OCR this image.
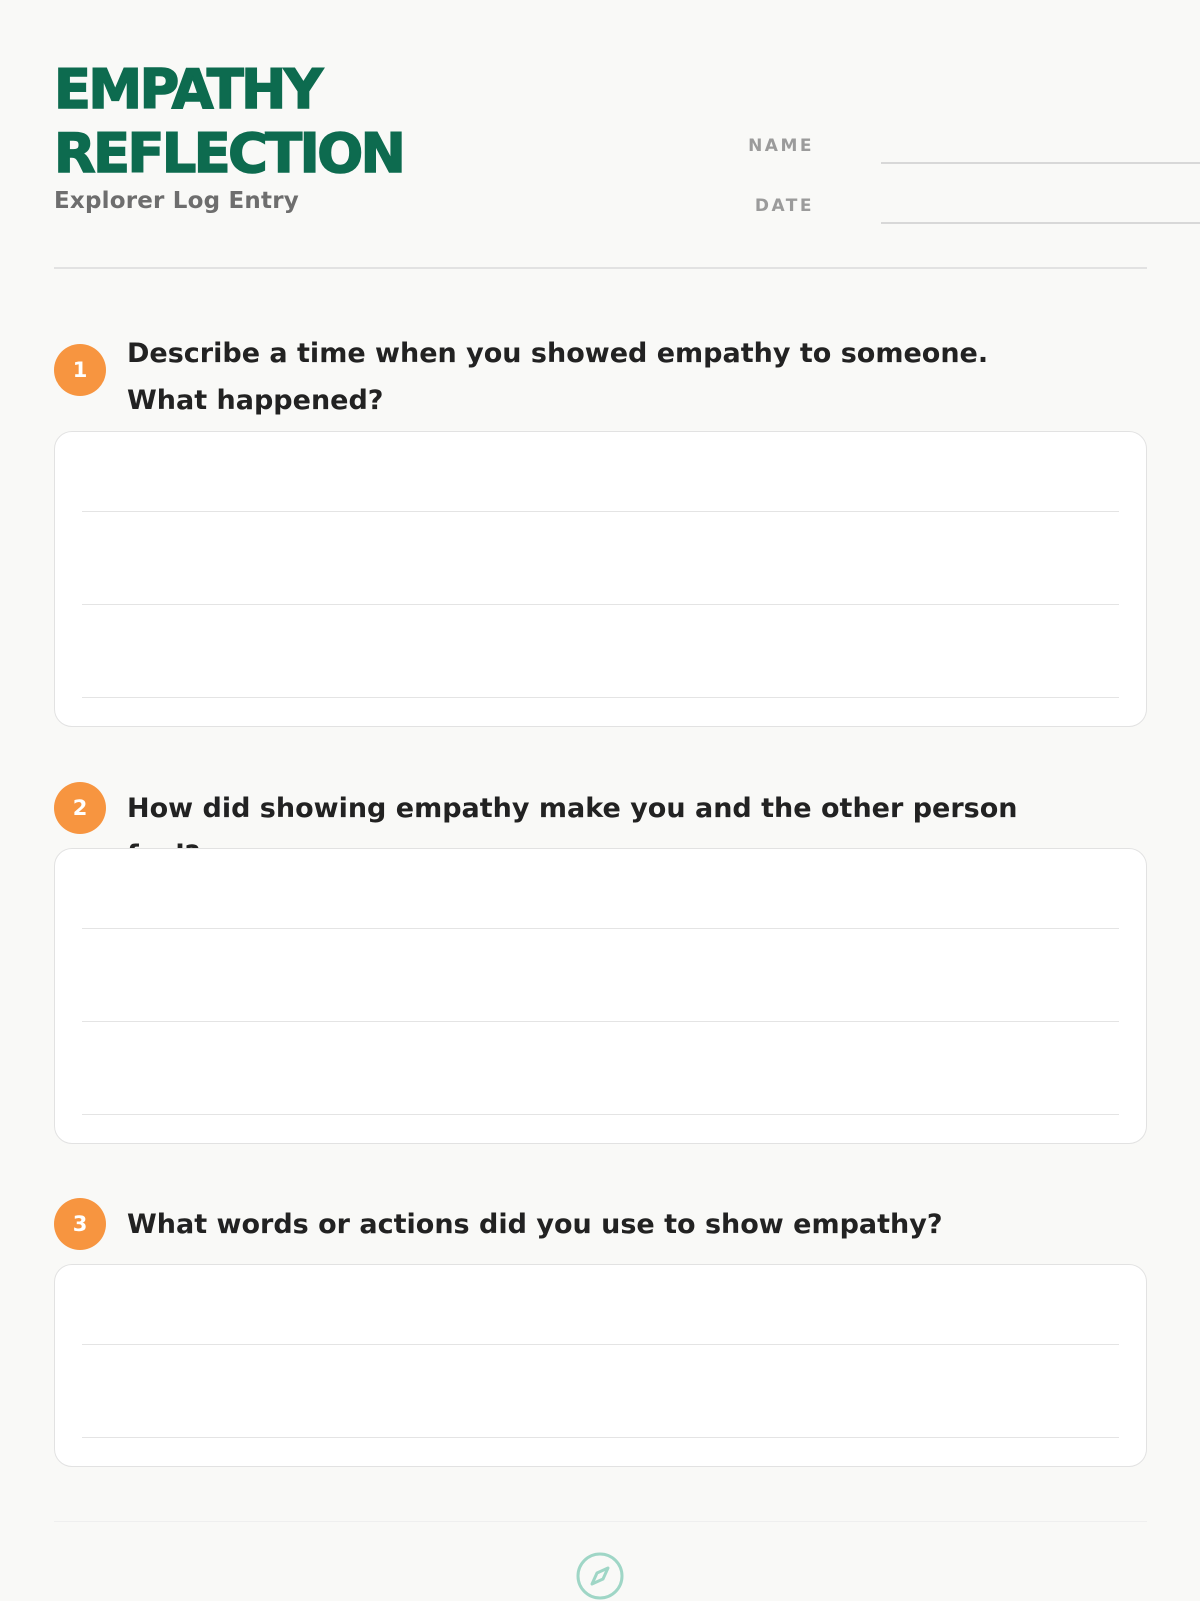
EMPATHY
REFLECTION
Explorer Log Entry
NAME
DATE
1

Describe a time when you showed empathy to someone. What happened?

2	How did showing empathy make you and the other person

3	What words or actions did you use to show empathy?
